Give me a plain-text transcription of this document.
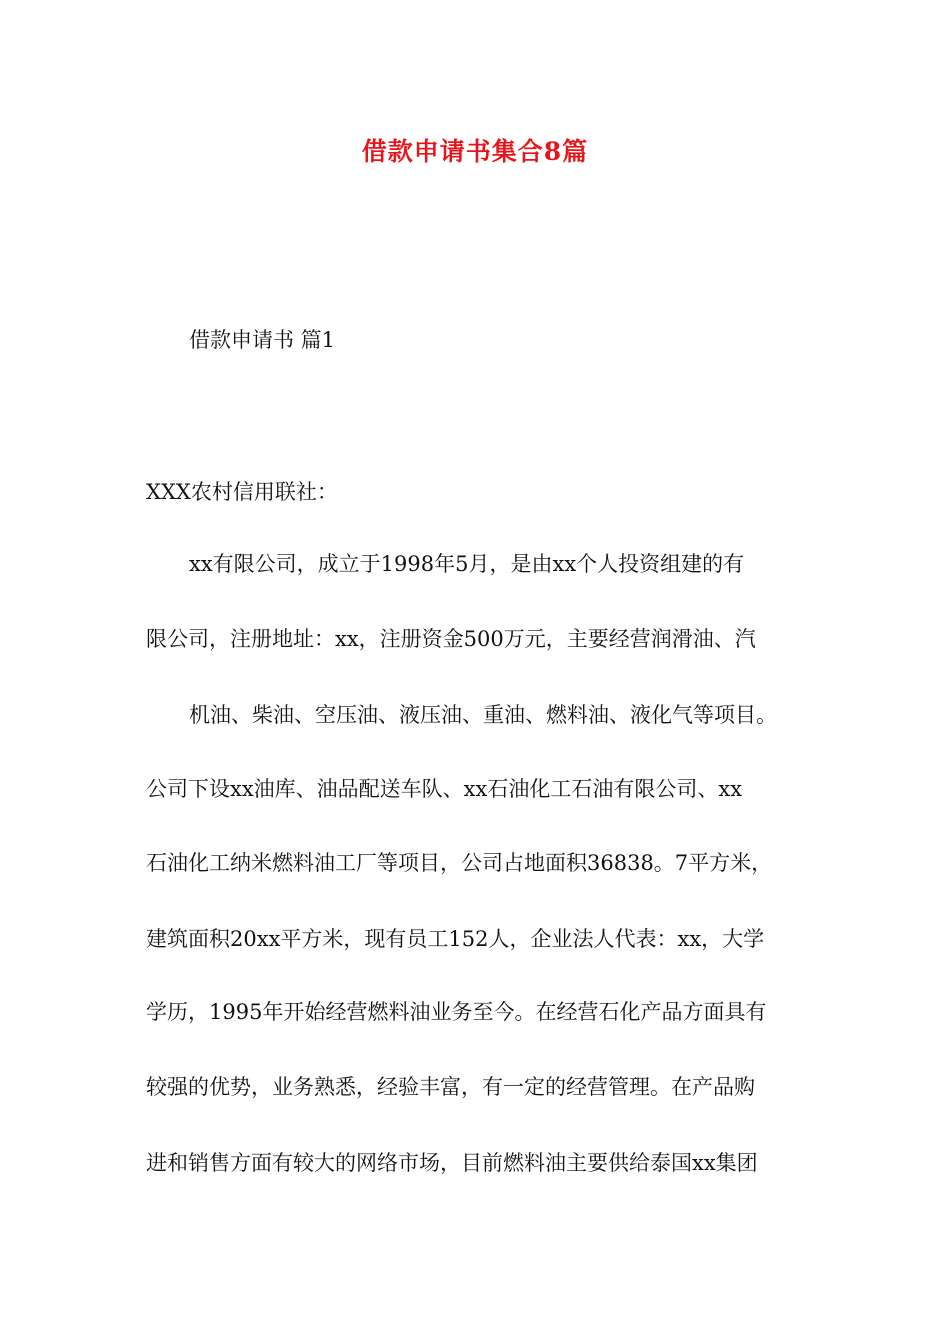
借款申请书集合8篇
借款申请书 篇1
XXX农村信用联社：
xx有限公司，成立于1998年5月，是由xx个人投资组建的有
限公司，注册地址：xx，注册资金500万元，主要经营润滑油、汽
机油、柴油、空压油、液压油、重油、燃料油、液化气等项目。
公司下设xx油库、油品配送车队、xx石油化工石油有限公司、xx
石油化工纳米燃料油工厂等项目，公司占地面积36838。7平方米，
建筑面积20xx平方米，现有员工152人，企业法人代表：xx，大学
学历，1995年开始经营燃料油业务至今。在经营石化产品方面具有
较强的优势，业务熟悉，经验丰富，有一定的经营管理。在产品购
进和销售方面有较大的网络市场，目前燃料油主要供给泰国xx集团
